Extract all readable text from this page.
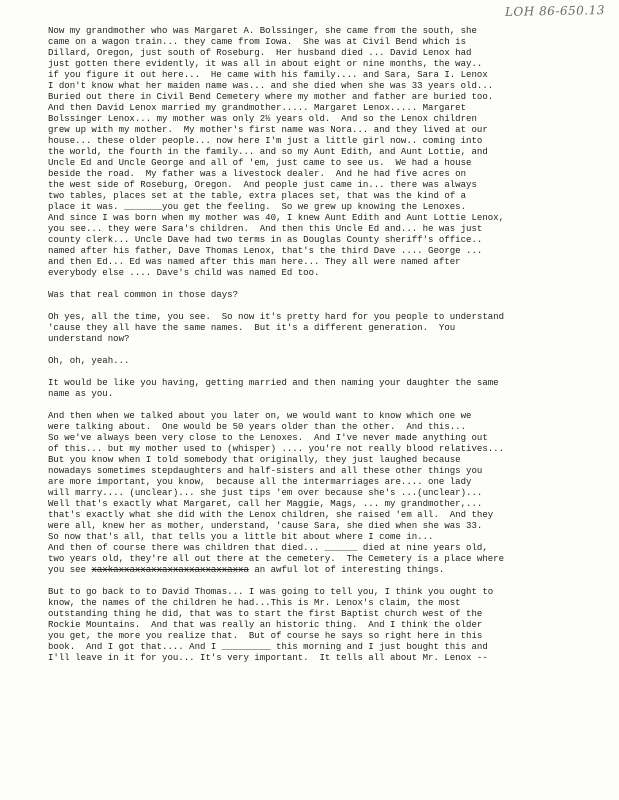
LOH 86-650.13
Now my grandmother who was Margaret A. Bolssinger, she came from the south, she
came on a wagon train... they came from Iowa.  She was at Civil Bend which is
Dillard, Oregon, just south of Roseburg.  Her husband died ... David Lenox had
just gotten there evidently, it was all in about eight or nine months, the way..
if you figure it out here...  He came with his family.... and Sara, Sara I. Lenox
I don't know what her maiden name was... and she died when she was 33 years old...
Buried out there in Civil Bend Cemetery where my mother and father are buried too.
And then David Lenox married my grandmother..... Margaret Lenox..... Margaret
Bolssinger Lenox... my mother was only 2½ years old.  And so the Lenox children
grew up with my mother.  My mother's first name was Nora... and they lived at our
house... these older people... now here I'm just a little girl now.. coming into
the world, the fourth in the family... and so my Aunt Edith, and Aunt Lottie, and
Uncle Ed and Uncle George and all of 'em, just came to see us.  We had a house
beside the road.  My father was a livestock dealer.  And he had five acres on
the west side of Roseburg, Oregon.  And people just came in... there was always
two tables, places set at the table, extra places set, that was the kind of a
place it was. _______you get the feeling.  So we grew up knowing the Lenoxes.
And since I was born when my mother was 40, I knew Aunt Edith and Aunt Lottie Lenox,
you see... they were Sara's children.  And then this Uncle Ed and... he was just
county clerk... Uncle Dave had two terms in as Douglas County sheriff's office..
named after his father, Dave Thomas Lenox, that's the third Dave .... George ...
and then Ed... Ed was named after this man here... They all were named after
everybody else .... Dave's child was named Ed too.
Was that real common in those days?
Oh yes, all the time, you see.  So now it's pretty hard for you people to understand
'cause they all have the same names.  But it's a different generation.  You
understand now?
Oh, oh, yeah...
It would be like you having, getting married and then naming your daughter the same
name as you.
And then when we talked about you later on, we would want to know which one we
were talking about.  One would be 50 years older than the other.  And this...
So we've always been very close to the Lenoxes.  And I've never made anything out
of this... but my mother used to (whisper) .... you're not really blood relatives...
But you know when I told somebody that originally, they just laughed because
nowadays sometimes stepdaughters and half-sisters and all these other things you
are more important, you know,  because all the intermarriages are.... one lady
will marry.... (unclear)... she just tips 'em over because she's ...(unclear)...
Well that's exactly what Margaret, call her Maggie, Mags, ... my grandmother,...
that's exactly what she did with the Lenox children, she raised 'em all.  And they
were all, knew her as mother, understand, 'cause Sara, she died when she was 33.
So now that's all, that tells you a little bit about where I come in...
And then of course there was children that died... ______ died at nine years old,
two years old, they're all out there at the cemetery.  The Cemetery is a place where
you see xaxkaxxaxxaxxaxxaxxaxxaxxaxxa an awful lot of interesting things.
But to go back to to David Thomas... I was going to tell you, I think you ought to
know, the names of the children he had...This is Mr. Lenox's claim, the most
outstanding thing he did, that was to start the first Baptist church west of the
Rockie Mountains.  And that was really an historic thing.  And I think the older
you get, the more you realize that.  But of course he says so right here in this
book.  And I got that.... And I _________ this morning and I just bought this and
I'll leave in it for you... It's very important.  It tells all about Mr. Lenox --
